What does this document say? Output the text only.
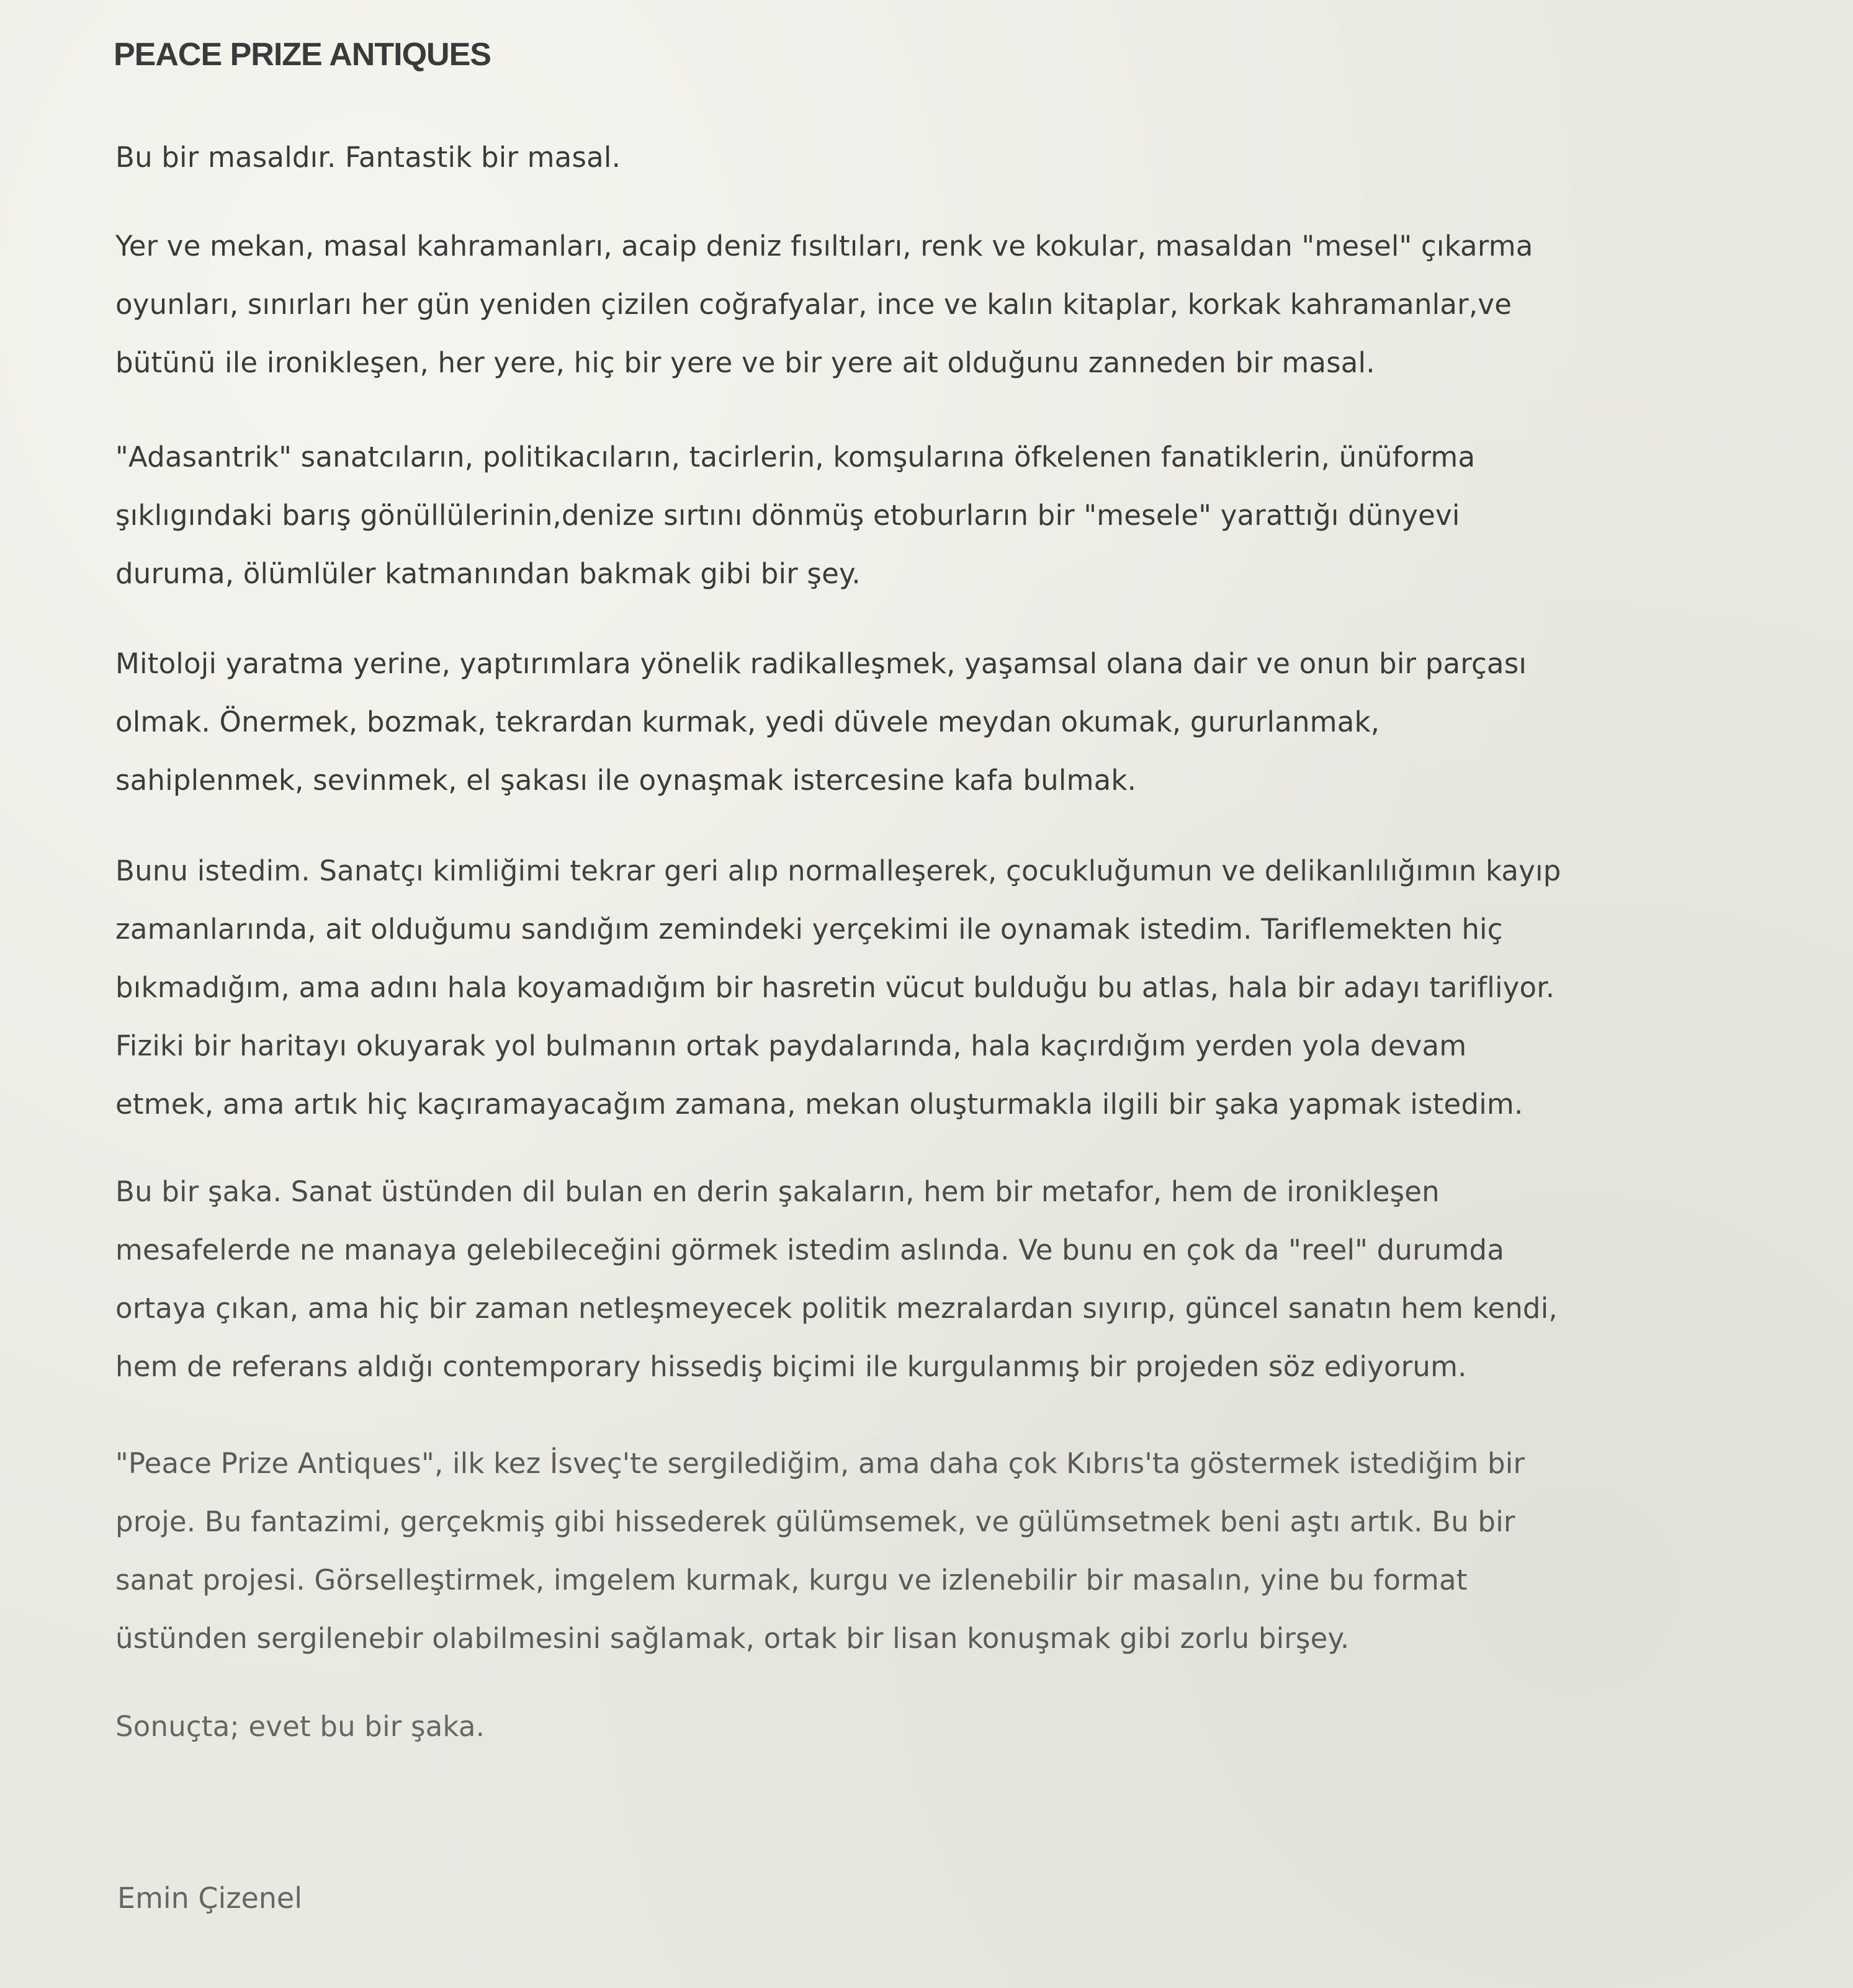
PEACE PRIZE ANTIQUES

Bu bir masaldır. Fantastik bir masal.

Yer ve mekan, masal kahramanları, acaip deniz fısıltıları, renk ve kokular, masaldan "mesel" çıkarma
oyunları, sınırları her gün yeniden çizilen coğrafyalar, ince ve kalın kitaplar, korkak kahramanlar,ve
bütünü ile ironikleşen, her yere, hiç bir yere ve bir yere ait olduğunu zanneden bir masal.

"Adasantrik" sanatcıların, politikacıların, tacirlerin, komşularına öfkelenen fanatiklerin, ünüforma
şıklıgındaki barış gönüllülerinin,denize sırtını dönmüş etoburların bir "mesele" yarattığı dünyevi
duruma, ölümlüler katmanından bakmak gibi bir şey.

Mitoloji yaratma yerine, yaptırımlara yönelik radikalleşmek, yaşamsal olana dair ve onun bir parçası
olmak. Önermek, bozmak, tekrardan kurmak, yedi düvele meydan okumak, gururlanmak,
sahiplenmek, sevinmek, el şakası ile oynaşmak istercesine kafa bulmak.

Bunu istedim. Sanatçı kimliğimi tekrar geri alıp normalleşerek, çocukluğumun ve delikanlılığımın kayıp
zamanlarında, ait olduğumu sandığım zemindeki yerçekimi ile oynamak istedim. Tariflemekten hiç
bıkmadığım, ama adını hala koyamadığım bir hasretin vücut bulduğu bu atlas, hala bir adayı tarifliyor.
Fiziki bir haritayı okuyarak yol bulmanın ortak paydalarında, hala kaçırdığım yerden yola devam
etmek, ama artık hiç kaçıramayacağım zamana, mekan oluşturmakla ilgili bir şaka yapmak istedim.

Bu bir şaka. Sanat üstünden dil bulan en derin şakaların, hem bir metafor, hem de ironikleşen
mesafelerde ne manaya gelebileceğini görmek istedim aslında. Ve bunu en çok da "reel" durumda
ortaya çıkan, ama hiç bir zaman netleşmeyecek politik mezralardan sıyırıp, güncel sanatın hem kendi,
hem de referans aldığı contemporary hissediş biçimi ile kurgulanmış bir projeden söz ediyorum.

"Peace Prize Antiques", ilk kez İsveç'te sergilediğim, ama daha çok Kıbrıs'ta göstermek istediğim bir
proje. Bu fantazimi, gerçekmiş gibi hissederek gülümsemek, ve gülümsetmek beni aştı artık. Bu bir
sanat projesi. Görselleştirmek, imgelem kurmak, kurgu ve izlenebilir bir masalın, yine bu format
üstünden sergilenebir olabilmesini sağlamak, ortak bir lisan konuşmak gibi zorlu birşey.

Sonuçta; evet bu bir şaka.

Emin Çizenel
